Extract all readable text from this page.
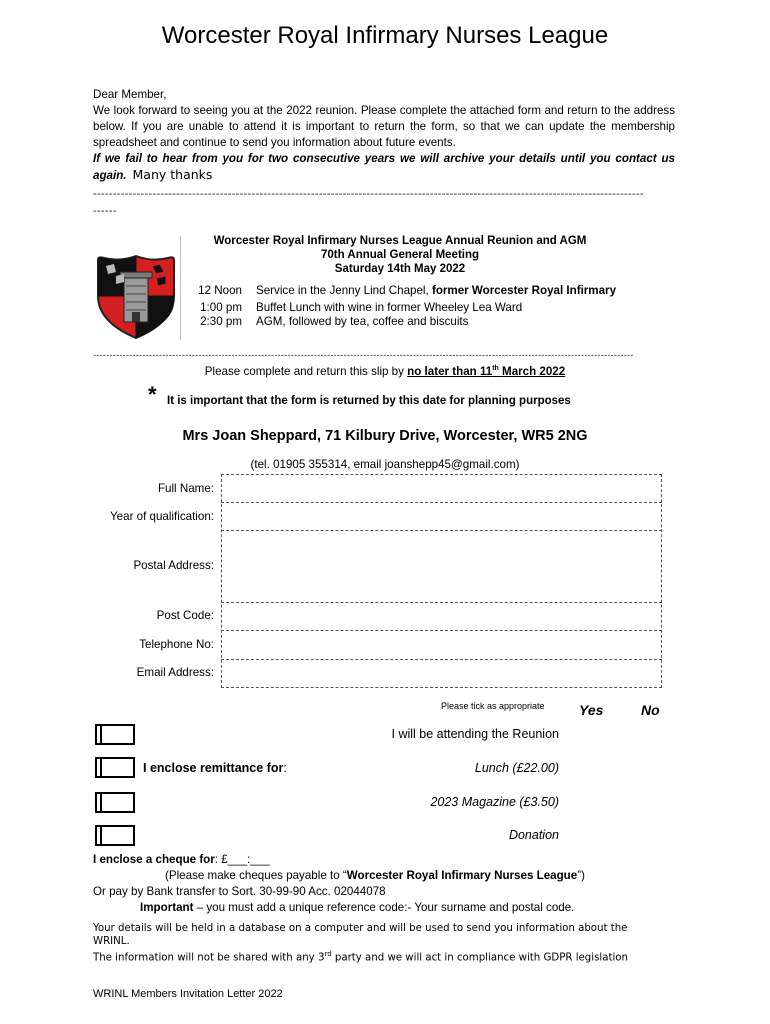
Worcester Royal Infirmary Nurses League

Dear Member,

We look forward to seeing you at the 2022 reunion. Please complete the attached form and return to the address below. If you are unable to attend it is important to return the form, so that we can update the membership spreadsheet and continue to send you information about future events.

If we fail to hear from you for two consecutive years we will archive your details until you contact us again. Many thanks

-------------------------------------------------------------------------------------------------------------------------------------------
------
Worcester Royal Infirmary Nurses League Annual Reunion and AGM
70th Annual General Meeting
Saturday 14th May 2022
12 Noon Service in the Jenny Lind Chapel, former Worcester Royal Infirmary
1:00 pm Buffet Lunch with wine in former Wheeley Lea Ward
2:30 pm AGM, followed by tea, coffee and biscuits
--------------------------------------------------------------------------------------------------------------------------------------------------------------------
Please complete and return this slip by no later than 11th March 2022
* It is important that the form is returned by this date for planning purposes
Mrs Joan Sheppard, 71 Kilbury Drive, Worcester, WR5 2NG
(tel. 01905 355314, email joanshepp45@gmail.com)
Full Name:
Year of qualification:
Postal Address:
Post Code:
Telephone No:
Email Address:
Please tick as appropriate Yes	No
I will be attending the Reunion
I enclose remittance for:	Lunch (£22.00)
2023 Magazine (£3.50)
Donation
I enclose a cheque for: £___:___
(Please make cheques payable to “Worcester Royal Infirmary Nurses League”)
Or pay by Bank transfer to Sort. 30-99-90 Acc. 02044078
Important – you must add a unique reference code:- Your surname and postal code.
Your details will be held in a database on a computer and will be used to send you information about the WRINL.
The information will not be shared with any 3rd party and we will act in compliance with GDPR legislation
WRINL Members Invitation Letter 2022
